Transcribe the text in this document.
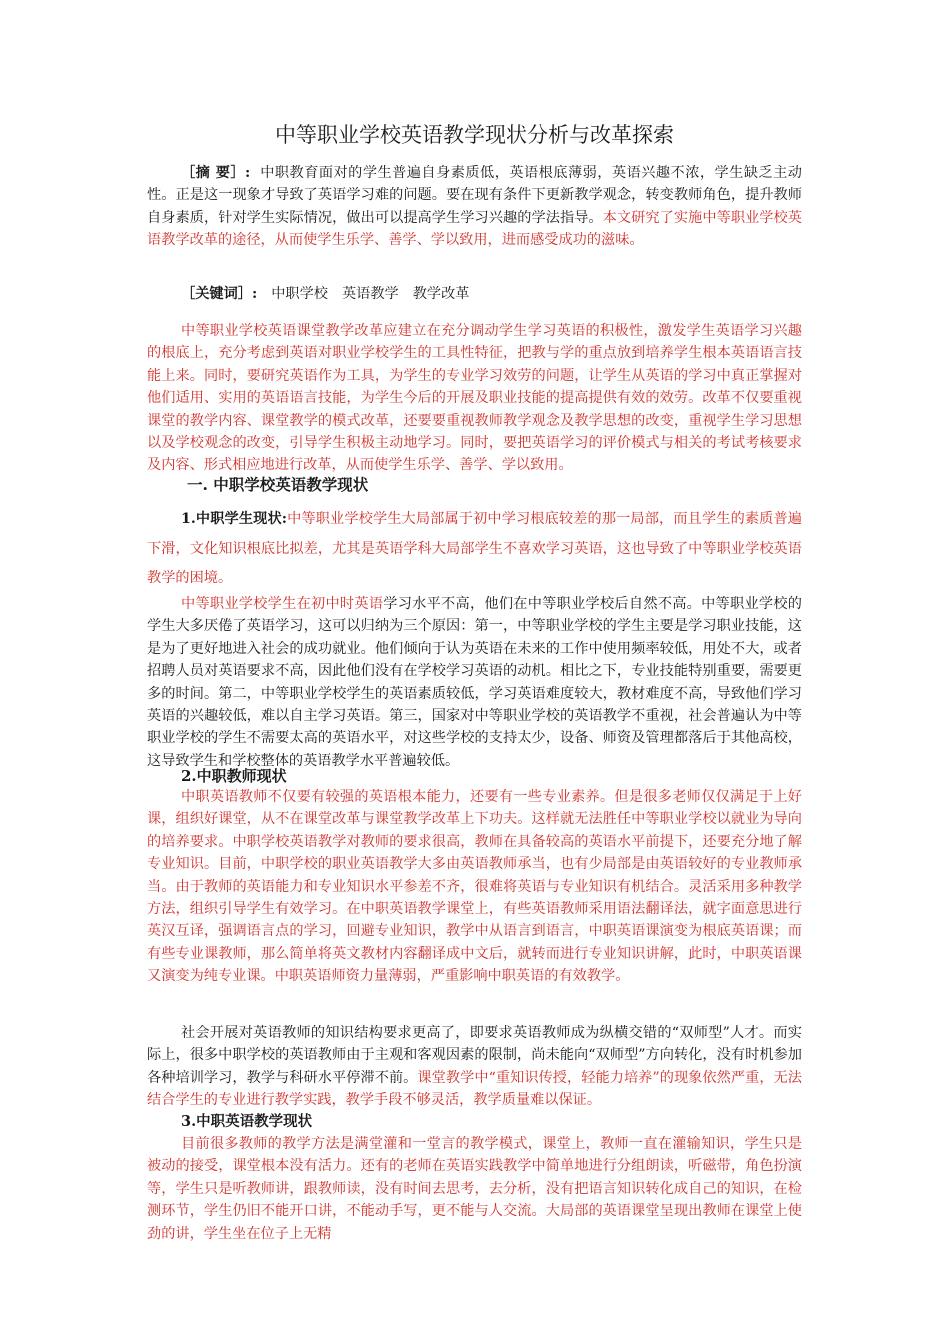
中等职业学校英语教学现状分析与改革探索

［摘 要］: 中职教育面对的学生普遍自身素质低，英语根底薄弱，英语兴趣不浓，学生缺乏主动性。正是这一现象才导致了英语学习难的问题。要在现有条件下更新教学观念，转变教师角色，提升教师自身素质，针对学生实际情况，做出可以提高学生学习兴趣的学法指导。本文研究了实施中等职业学校英语教学改革的途径，从而使学生乐学、善学、学以致用，进而感受成功的滋味。

［关键词］: 中职学校 英语教学 教学改革

中等职业学校英语课堂教学改革应建立在充分调动学生学习英语的积极性，激发学生英语学习兴趣的根底上，充分考虑到英语对职业学校学生的工具性特征，把教与学的重点放到培养学生根本英语语言技能上来。同时，要研究英语作为工具，为学生的专业学习效劳的问题，让学生从英语的学习中真正掌握对他们适用、实用的英语语言技能，为学生今后的开展及职业技能的提高提供有效的效劳。改革不仅要重视课堂的教学内容、课堂教学的模式改革，还要要重视教师教学观念及教学思想的改变，重视学生学习思想以及学校观念的改变，引导学生积极主动地学习。同时，要把英语学习的评价模式与相关的考试考核要求及内容、形式相应地进行改革，从而使学生乐学、善学、学以致用。

一. 中职学校英语教学现状

1.中职学生现状:中等职业学校学生大局部属于初中学习根底较差的那一局部，而且学生的素质普遍下滑，文化知识根底比拟差，尤其是英语学科大局部学生不喜欢学习英语，这也导致了中等职业学校英语教学的困境。

中等职业学校学生在初中时英语学习水平不高，他们在中等职业学校后自然不高。中等职业学校的学生大多厌倦了英语学习，这可以归纳为三个原因：第一，中等职业学校的学生主要是学习职业技能，这是为了更好地进入社会的成功就业。他们倾向于认为英语在未来的工作中使用频率较低，用处不大，或者招聘人员对英语要求不高，因此他们没有在学校学习英语的动机。相比之下，专业技能特别重要，需要更多的时间。第二，中等职业学校学生的英语素质较低，学习英语难度较大，教材难度不高，导致他们学习英语的兴趣较低，难以自主学习英语。第三，国家对中等职业学校的英语教学不重视，社会普遍认为中等职业学校的学生不需要太高的英语水平，对这些学校的支持太少，设备、师资及管理都落后于其他高校，这导致学生和学校整体的英语教学水平普遍较低。

2.中职教师现状

中职英语教师不仅要有较强的英语根本能力，还要有一些专业素养。但是很多老师仅仅满足于上好课，组织好课堂，从不在课堂改革与课堂教学改革上下功夫。这样就无法胜任中等职业学校以就业为导向的培养要求。中职学校英语教学对教师的要求很高，教师在具备较高的英语水平前提下，还要充分地了解专业知识。目前，中职学校的职业英语教学大多由英语教师承当，也有少局部是由英语较好的专业教师承当。由于教师的英语能力和专业知识水平参差不齐，很难将英语与专业知识有机结合。灵活采用多种教学方法，组织引导学生有效学习。在中职英语教学课堂上，有些英语教师采用语法翻译法，就字面意思进行英汉互译，强调语言点的学习，回避专业知识，教学中从语言到语言，中职英语课演变为根底英语课；而有些专业课教师，那么简单将英文教材内容翻译成中文后，就转而进行专业知识讲解，此时，中职英语课又演变为纯专业课。中职英语师资力量薄弱，严重影响中职英语的有效教学。

社会开展对英语教师的知识结构要求更高了，即要求英语教师成为纵横交错的“双师型”人才。而实际上，很多中职学校的英语教师由于主观和客观因素的限制，尚未能向“双师型”方向转化，没有时机参加各种培训学习，教学与科研水平停滞不前。课堂教学中“重知识传授，轻能力培养”的现象依然严重，无法结合学生的专业进行教学实践，教学手段不够灵活，教学质量难以保证。

3.中职英语教学现状

目前很多教师的教学方法是满堂灌和一堂言的教学模式，课堂上，教师一直在灌输知识，学生只是被动的接受，课堂根本没有活力。还有的老师在英语实践教学中简单地进行分组朗读，听磁带，角色扮演等，学生只是听教师讲，跟教师读，没有时间去思考，去分析，没有把语言知识转化成自己的知识，在检测环节，学生仍旧不能开口讲，不能动手写，更不能与人交流。大局部的英语课堂呈现出教师在课堂上使劲的讲，学生坐在位子上无精
